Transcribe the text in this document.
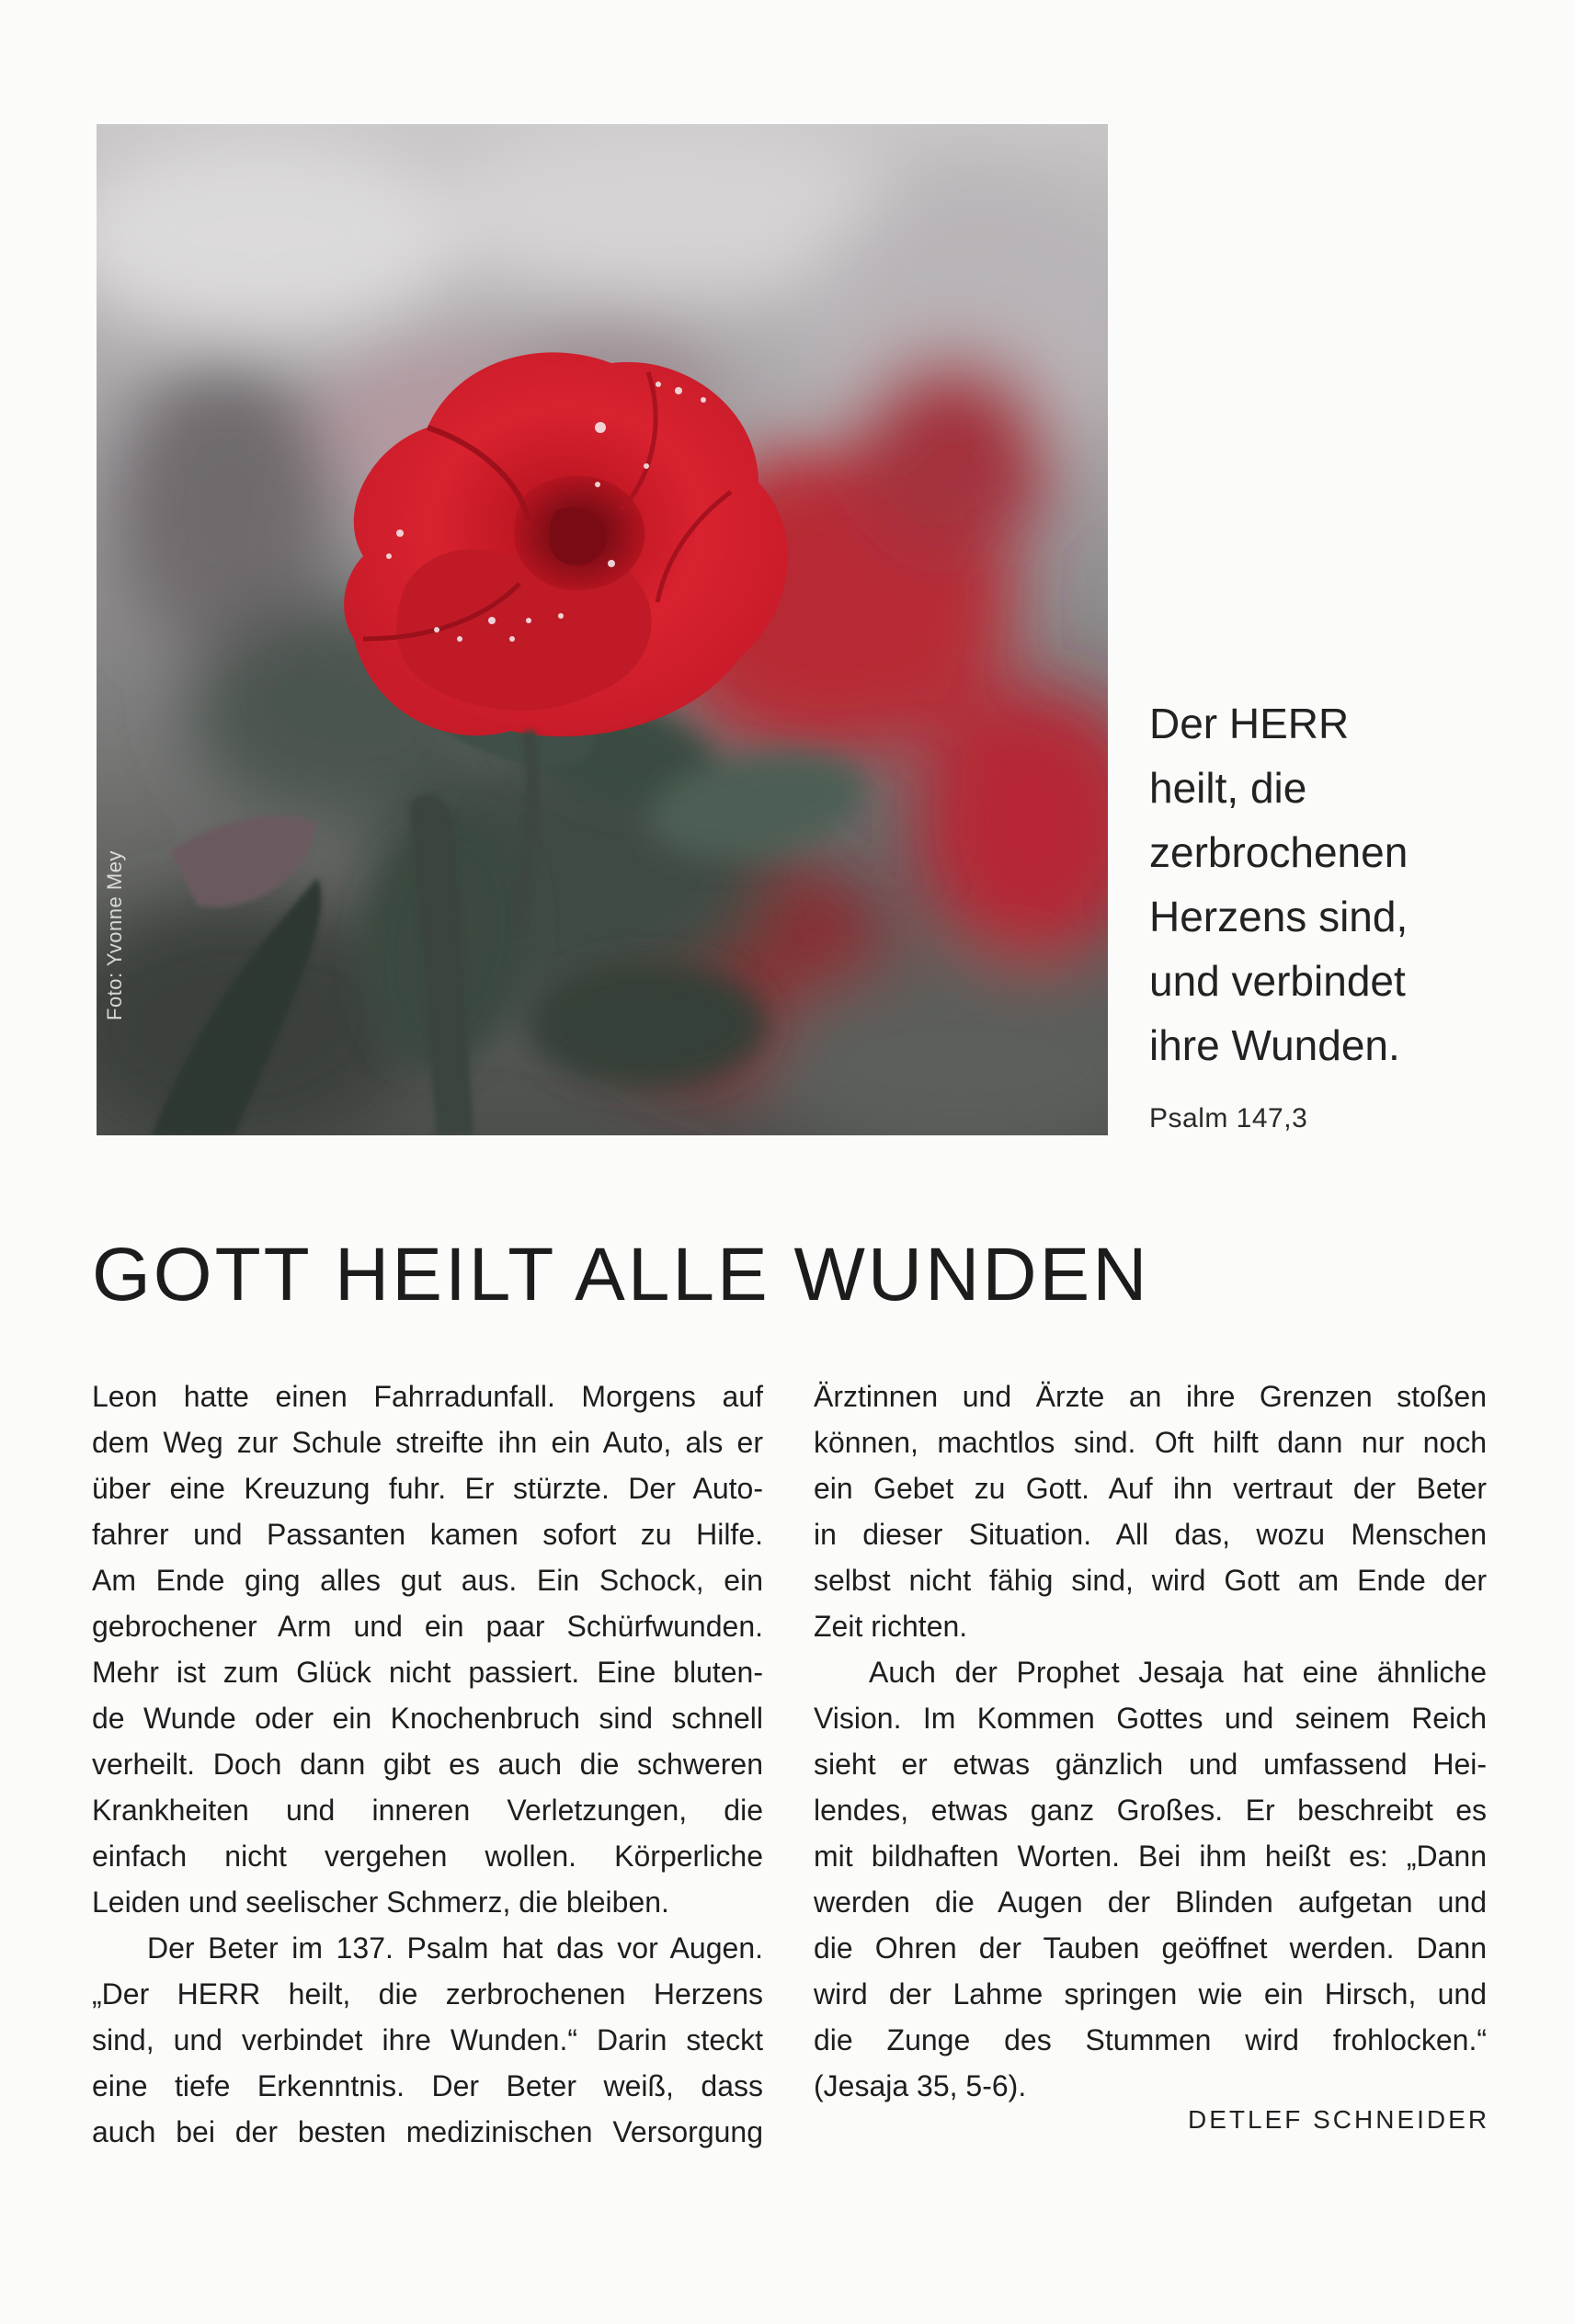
Foto: Yvonne Mey
Der HERR
heilt, die
zerbrochenen
Herzens sind,
und verbindet
ihre Wunden.
Psalm 147,3
GOTT HEILT ALLE WUNDEN
Leon hatte einen Fahrradunfall. Morgens auf
dem Weg zur Schule streifte ihn ein Auto, als er
über eine Kreuzung fuhr. Er stürzte. Der Auto-
fahrer und Passanten kamen sofort zu Hilfe.
Am Ende ging alles gut aus. Ein Schock, ein
gebrochener Arm und ein paar Schürfwunden.
Mehr ist zum Glück nicht passiert. Eine bluten-
de Wunde oder ein Knochenbruch sind schnell
verheilt. Doch dann gibt es auch die schweren
Krankheiten und inneren Verletzungen, die
einfach nicht vergehen wollen. Körperliche
Leiden und seelischer Schmerz, die bleiben.
Der Beter im 137. Psalm hat das vor Augen.
„Der HERR heilt, die zerbrochenen Herzens
sind, und verbindet ihre Wunden.“ Darin steckt
eine tiefe Erkenntnis. Der Beter weiß, dass
auch bei der besten medizinischen Versorgung
Ärztinnen und Ärzte an ihre Grenzen stoßen
können, machtlos sind. Oft hilft dann nur noch
ein Gebet zu Gott. Auf ihn vertraut der Beter
in dieser Situation. All das, wozu Menschen
selbst nicht fähig sind, wird Gott am Ende der
Zeit richten.
Auch der Prophet Jesaja hat eine ähnliche
Vision. Im Kommen Gottes und seinem Reich
sieht er etwas gänzlich und umfassend Hei-
lendes, etwas ganz Großes. Er beschreibt es
mit bildhaften Worten. Bei ihm heißt es: „Dann
werden die Augen der Blinden aufgetan und
die Ohren der Tauben geöffnet werden. Dann
wird der Lahme springen wie ein Hirsch, und
die Zunge des Stummen wird frohlocken.“
(Jesaja 35, 5-6).
DETLEF SCHNEIDER
